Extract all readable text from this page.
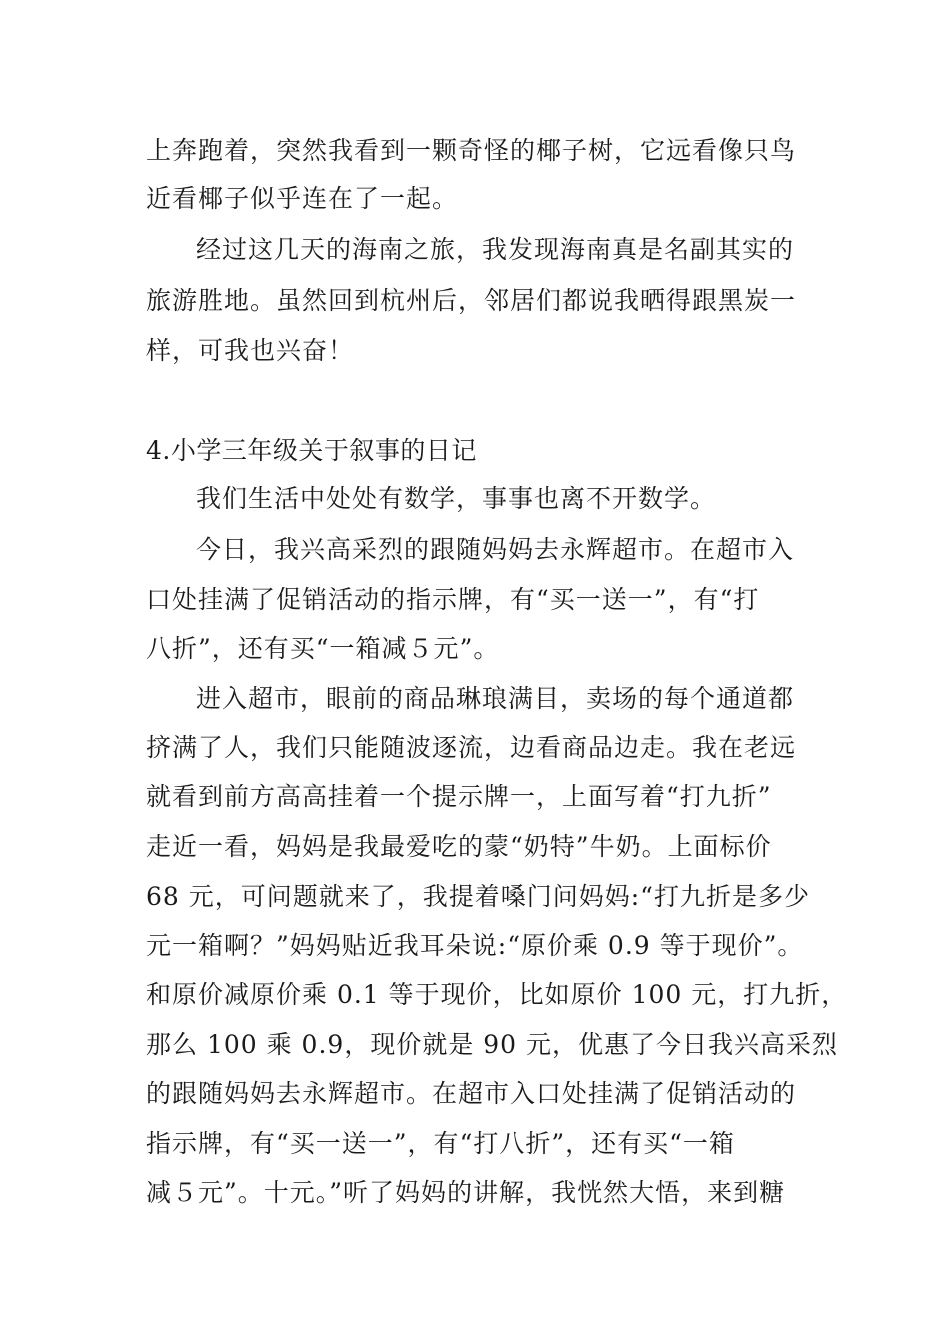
上奔跑着，突然我看到一颗奇怪的椰子树，它远看像只鸟
近看椰子似乎连在了一起。
经过这几天的海南之旅，我发现海南真是名副其实的
旅游胜地。虽然回到杭州后，邻居们都说我晒得跟黑炭一
样，可我也兴奋！
4.小学三年级关于叙事的日记
我们生活中处处有数学，事事也离不开数学。
今日，我兴高采烈的跟随妈妈去永辉超市。在超市入
口处挂满了促销活动的指示牌，有“买一送一”，有“打
八折”，还有买“一箱减５元”。
进入超市，眼前的商品琳琅满目，卖场的每个通道都
挤满了人，我们只能随波逐流，边看商品边走。我在老远
就看到前方高高挂着一个提示牌一，上面写着“打九折”
走近一看，妈妈是我最爱吃的蒙“奶特”牛奶。上面标价
68 元，可问题就来了，我提着嗓门问妈妈:“打九折是多少
元一箱啊？”妈妈贴近我耳朵说:“原价乘 0.9 等于现价”。
和原价减原价乘 0.1 等于现价，比如原价 100 元，打九折，
那么 100 乘 0.9，现价就是 90 元，优惠了今日我兴高采烈
的跟随妈妈去永辉超市。在超市入口处挂满了促销活动的
指示牌，有“买一送一”，有“打八折”，还有买“一箱
减５元”。十元。”听了妈妈的讲解，我恍然大悟，来到糖
